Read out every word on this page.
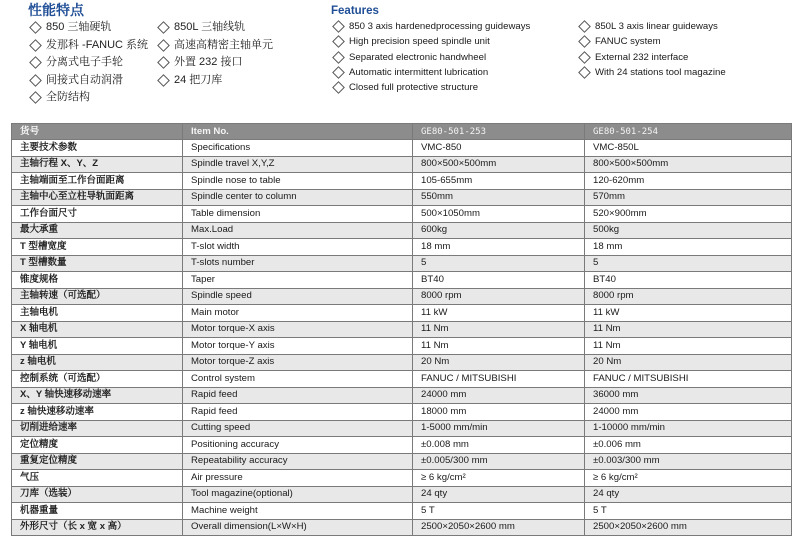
性能特点
850 三轴硬轨	850L 三轴线轨
发那科 -FANUC 系统 高速高精密主轴单元
分离式电子手轮	外置 232 接口
间接式自动润滑	24 把刀库
全防结构
Features
850 3 axis hardenedprocessing guideways	850L 3 axis linear guideways
High precision speed spindle unit	FANUC system
Separated electronic handwheel	External 232 interface
Automatic intermittent lubrication	With 24 stations tool magazine
Closed full protective structure
货号	Item No.	GE80-501-253	GE80-501-254
主要技术参数	Specifications	VMC-850	VMC-850L
主轴行程 X、Y、Z	Spindle travel X,Y,Z	800×500×500mm	800×500×500mm
主轴端面至工作台面距离	Spindle nose to table	105-655mm	120-620mm
主轴中心至立柱导轨面距离	Spindle center to column	550mm	570mm
工作台面尺寸	Table dimension	500×1050mm	520×900mm
最大承重	Max.Load	600kg	500kg
T 型槽宽度	T-slot width	18 mm	18 mm
T 型槽数量	T-slots number	5	5
锥度规格	Taper	BT40	BT40
主轴转速（可选配）	Spindle speed	8000 rpm	8000 rpm
主轴电机	Main motor	11 kW	11 kW
X 轴电机	Motor torque-X axis	11 Nm	11 Nm
Y 轴电机	Motor torque-Y axis	11 Nm	11 Nm
z 轴电机	Motor torque-Z axis	20 Nm	20 Nm
控制系统（可选配）	Control system	FANUC / MITSUBISHI	FANUC / MITSUBISHI
X、Y 轴快速移动速率	Rapid feed	24000 mm	36000 mm
z 轴快速移动速率	Rapid feed	18000 mm	24000 mm
切削进给速率	Cutting speed	1-5000 mm/min	1-10000 mm/min
定位精度	Positioning accuracy	±0.008 mm	±0.006 mm
重复定位精度	Repeatability accuracy	±0.005/300 mm	±0.003/300 mm
气压	Air pressure	≥ 6 kg/cm²	≥ 6 kg/cm²
刀库（选装）	Tool magazine(optional)	24 qty	24 qty
机器重量	Machine weight	5 T	5 T
外形尺寸（长 x 宽 x 高）	Overall dimension(L×W×H)	2500×2050×2600 mm	2500×2050×2600 mm
